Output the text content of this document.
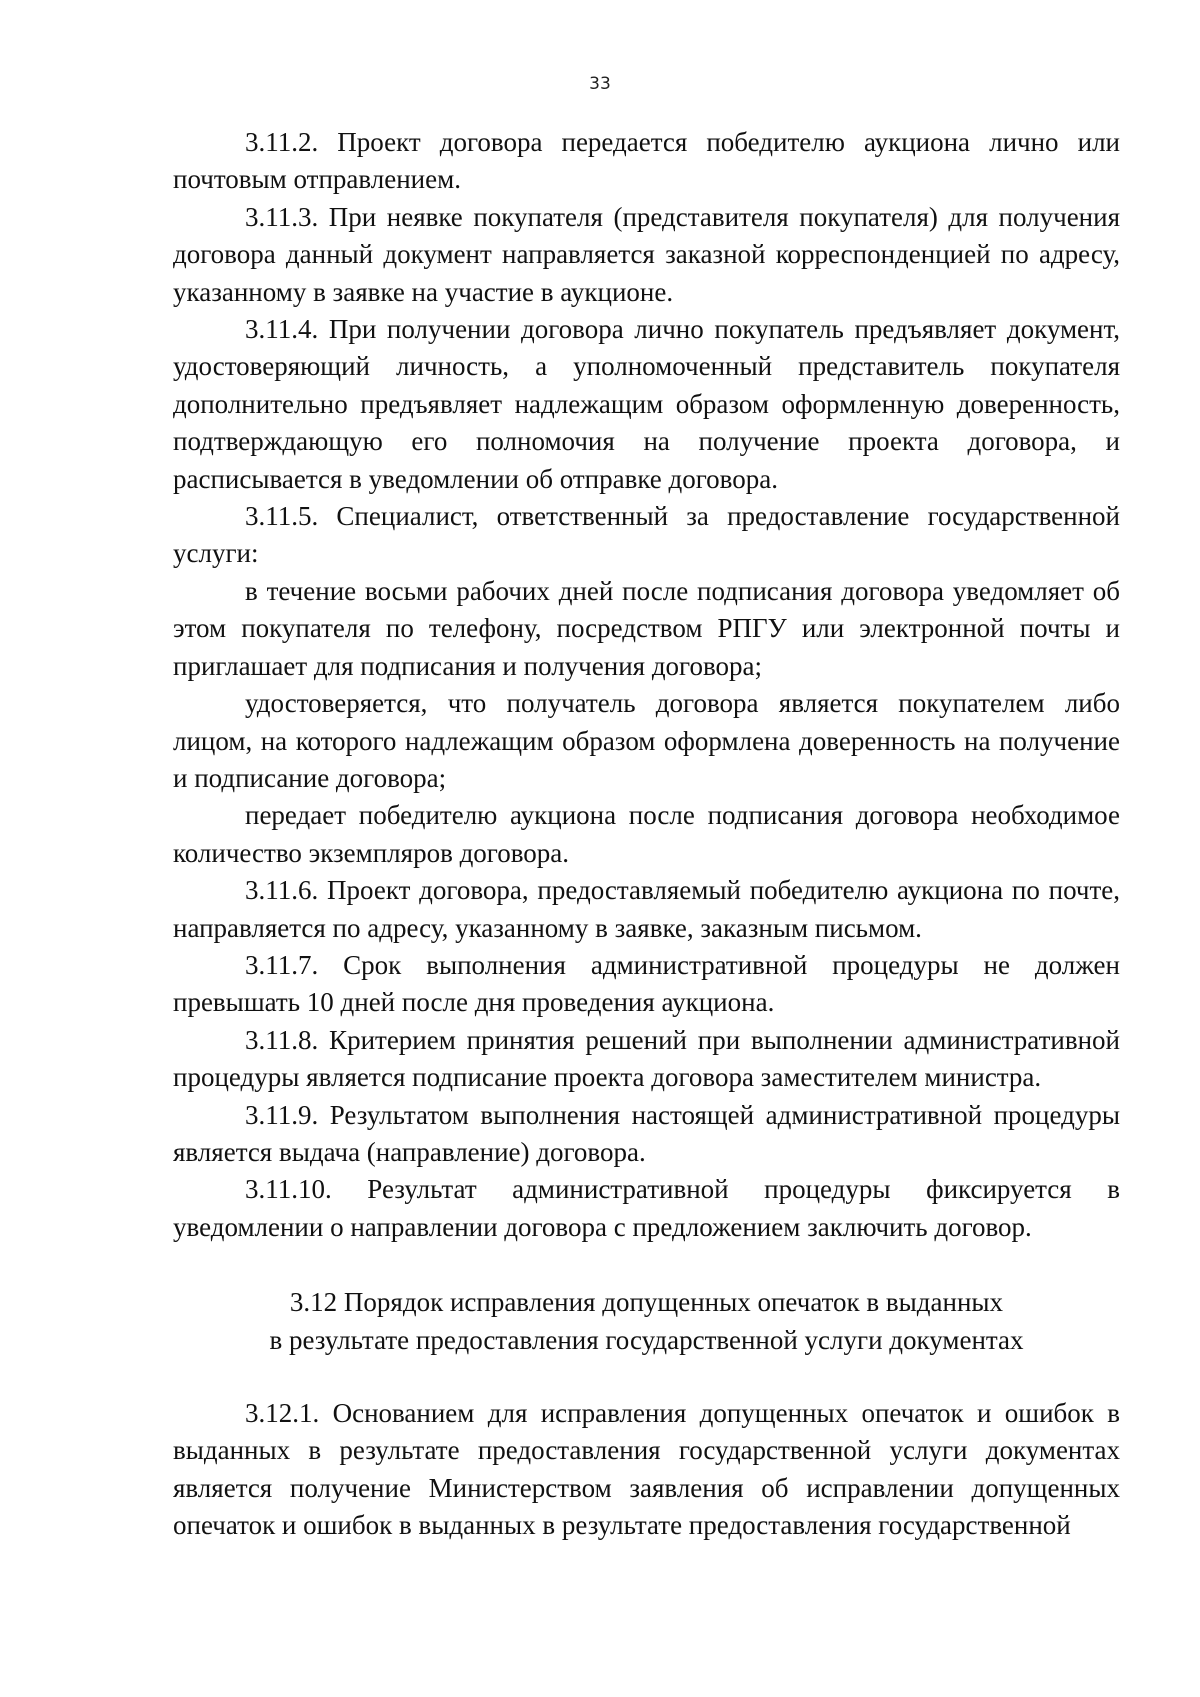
33

3.11.2. Проект договора передается победителю аукциона лично или почтовым отправлением.

3.11.3. При неявке покупателя (представителя покупателя) для получения договора данный документ направляется заказной корреспонденцией по адресу, указанному в заявке на участие в аукционе.

3.11.4. При получении договора лично покупатель предъявляет документ, удостоверяющий личность, а уполномоченный представитель покупателя дополнительно предъявляет надлежащим образом оформленную доверенность, подтверждающую его полномочия на получение проекта договора, и расписывается в уведомлении об отправке договора.

3.11.5. Специалист, ответственный за предоставление государственной услуги:

в течение восьми рабочих дней после подписания договора уведомляет об этом покупателя по телефону, посредством РПГУ или электронной почты и приглашает для подписания и получения договора;

удостоверяется, что получатель договора является покупателем либо лицом, на которого надлежащим образом оформлена доверенность на получение и подписание договора;

передает победителю аукциона после подписания договора необходимое количество экземпляров договора.

3.11.6. Проект договора, предоставляемый победителю аукциона по почте, направляется по адресу, указанному в заявке, заказным письмом.

3.11.7. Срок выполнения административной процедуры не должен превышать 10 дней после дня проведения аукциона.

3.11.8. Критерием принятия решений при выполнении административной процедуры является подписание проекта договора заместителем министра.

3.11.9. Результатом выполнения настоящей административной процедуры является выдача (направление) договора.

3.11.10. Результат административной процедуры фиксируется в уведомлении о направлении договора с предложением заключить договор.

3.12 Порядок исправления допущенных опечаток в выданных

в результате предоставления государственной услуги документах

3.12.1. Основанием для исправления допущенных опечаток и ошибок в выданных в результате предоставления государственной услуги документах является получение Министерством заявления об исправлении допущенных опечаток и ошибок в выданных в результате предоставления государственной
